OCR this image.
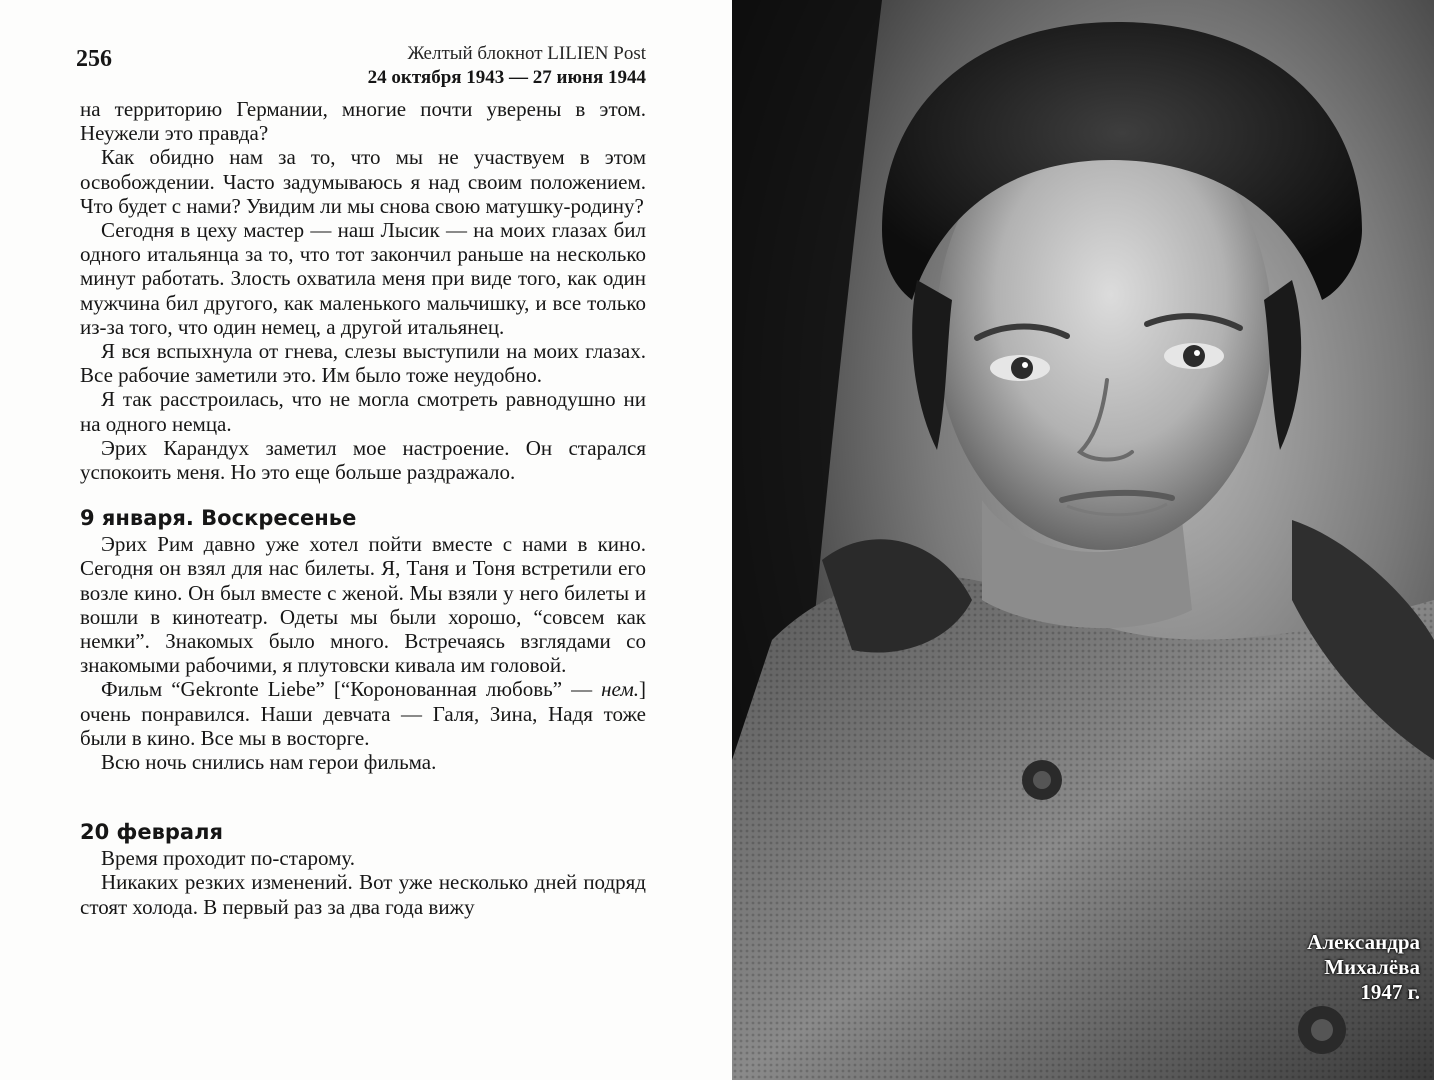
256	Желтый блокнот LILIEN Post
24 октября 1943 — 27 июня 1944

на территорию Германии, многие почти уверены в этом. Неужели это правда?

Как обидно нам за то, что мы не участвуем в этом освобождении. Часто задумываюсь я над своим положением. Что будет с нами? Увидим ли мы снова свою матушку-родину?

Сегодня в цеху мастер — наш Лысик — на моих глазах бил одного итальянца за то, что тот закончил раньше на несколько минут работать. Злость охватила меня при виде того, как один мужчина бил другого, как маленького мальчишку, и все только из-за того, что один немец, а другой итальянец.

Я вся вспыхнула от гнева, слезы выступили на моих глазах. Все рабочие заметили это. Им было тоже неудобно.

Я так расстроилась, что не могла смотреть равнодушно ни на одного немца.

Эрих Карандух заметил мое настроение. Он старался успокоить меня. Но это еще больше раздражало.

9 января. Воскресенье

Эрих Рим давно уже хотел пойти вместе с нами в кино. Сегодня он взял для нас билеты. Я, Таня и Тоня встретили его возле кино. Он был вместе с женой. Мы взяли у него билеты и вошли в кинотеатр. Одеты мы были хорошо, “совсем как немки”. Знакомых было много. Встречаясь взглядами со знакомыми рабочими, я плутовски кивала им головой.

Фильм “Gekronte Liebe” [“Коронованная любовь” — нем.] очень понравился. Наши девчата — Галя, Зина, Надя тоже были в кино. Все мы в восторге.

Всю ночь снились нам герои фильма.

20 февраля

Время проходит по-старому.

Никаких резких изменений. Вот уже несколько дней подряд стоят холода. В первый раз за два года вижу

Александра
Михалёва
1947 г.
